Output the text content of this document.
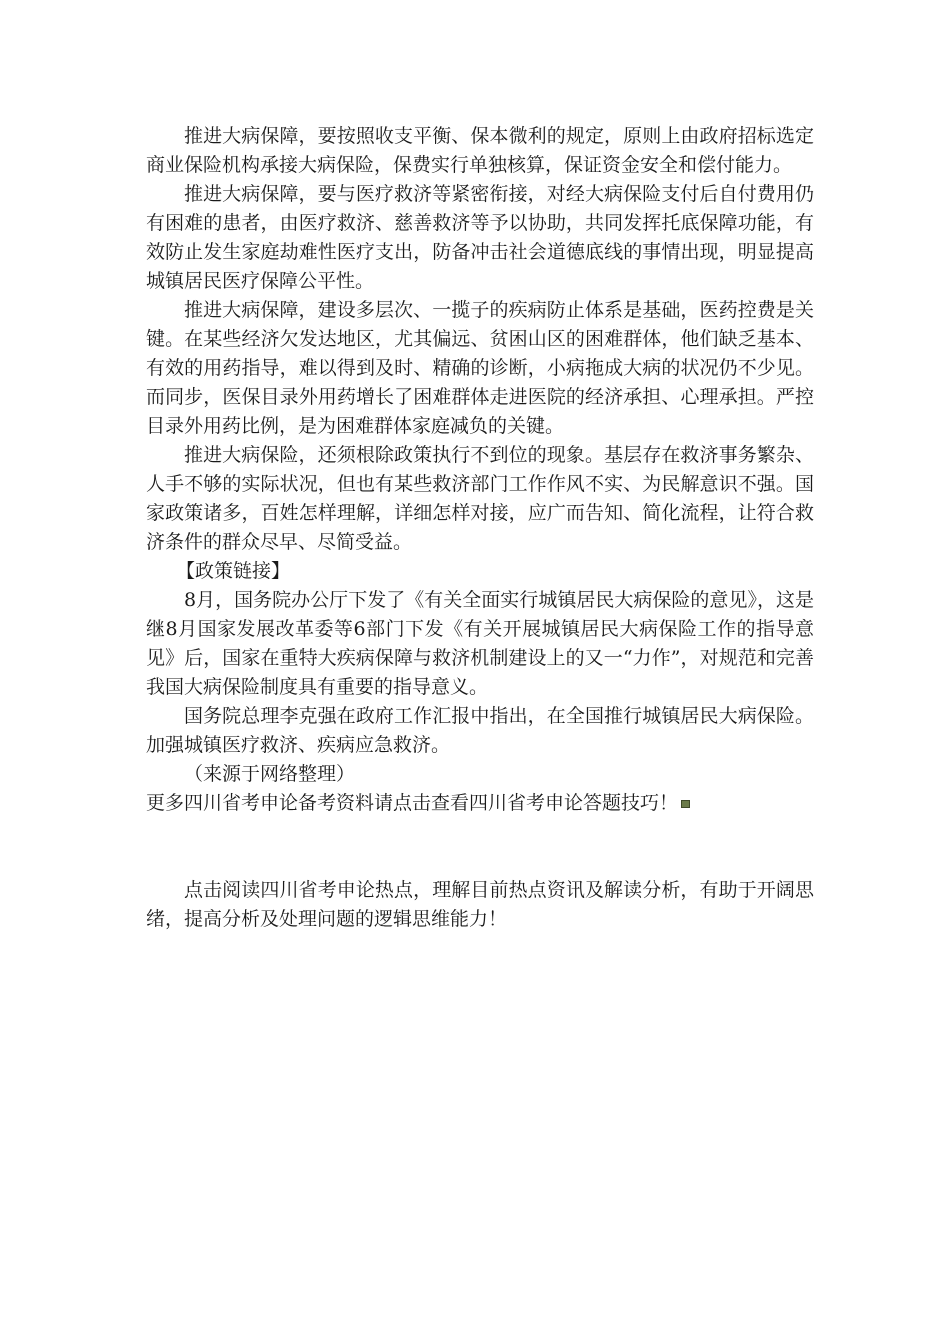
推进大病保障，要按照收支平衡、保本微利的规定，原则上由政府招标选定商业保险机构承接大病保险，保费实行单独核算，保证资金安全和偿付能力。

推进大病保障，要与医疗救济等紧密衔接，对经大病保险支付后自付费用仍有困难的患者，由医疗救济、慈善救济等予以协助，共同发挥托底保障功能，有效防止发生家庭劫难性医疗支出，防备冲击社会道德底线的事情出现，明显提高城镇居民医疗保障公平性。

推进大病保障，建设多层次、一揽子的疾病防止体系是基础，医药控费是关键。在某些经济欠发达地区，尤其偏远、贫困山区的困难群体，他们缺乏基本、有效的用药指导，难以得到及时、精确的诊断，小病拖成大病的状况仍不少见。而同步，医保目录外用药增长了困难群体走进医院的经济承担、心理承担。严控目录外用药比例，是为困难群体家庭减负的关键。

推进大病保险，还须根除政策执行不到位的现象。基层存在救济事务繁杂、人手不够的实际状况，但也有某些救济部门工作作风不实、为民解意识不强。国家政策诸多，百姓怎样理解，详细怎样对接，应广而告知、简化流程，让符合救济条件的群众尽早、尽简受益。

【政策链接】

8月，国务院办公厅下发了《有关全面实行城镇居民大病保险的意见》，这是继8月国家发展改革委等6部门下发《有关开展城镇居民大病保险工作的指导意见》后，国家在重特大疾病保障与救济机制建设上的又一“力作”，对规范和完善我国大病保险制度具有重要的指导意义。

国务院总理李克强在政府工作汇报中指出，在全国推行城镇居民大病保险。加强城镇医疗救济、疾病应急救济。

（来源于网络整理）

更多四川省考申论备考资料请点击查看四川省考申论答题技巧！

点击阅读四川省考申论热点，理解目前热点资讯及解读分析，有助于开阔思绪，提高分析及处理问题的逻辑思维能力！
